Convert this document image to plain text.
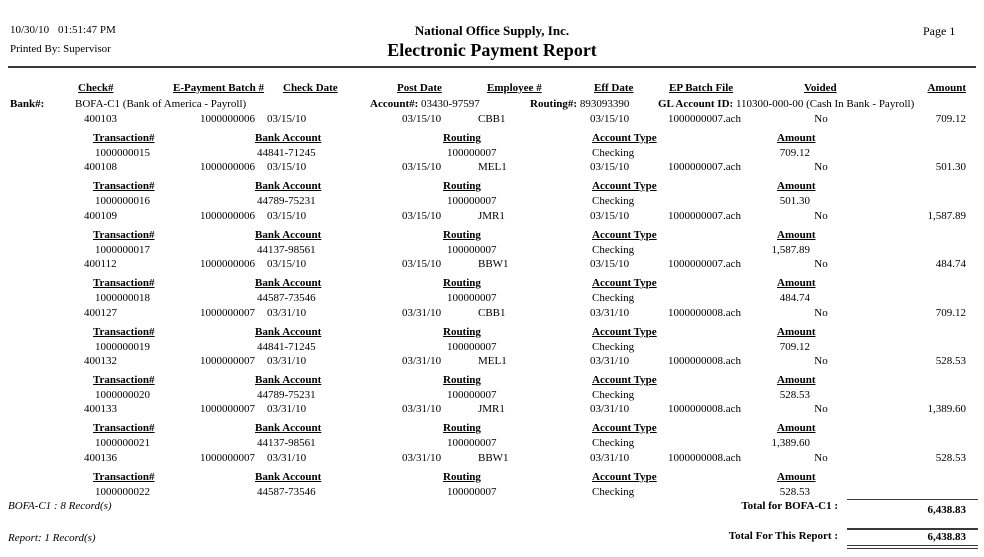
10/30/10 01:51:47 PM
Printed By: Supervisor
National Office Supply, Inc.
Electronic Payment Report
Page 1
Check#	E-Payment Batch # Check Date	Post Date	Employee #	Eff Date	EP Batch File	Voided	Amount
Bank#:	BOFA-C1 (Bank of America - Payroll)	Account#: 03430-97597	Routing#: 893093390	GL Account ID: 110300-000-00 (Cash In Bank - Payroll)
400103	1000000006 03/15/10	03/15/10	CBB1	03/15/10	1000000007.ach	No	709.12
Transaction#	Bank Account	Routing	Account Type	Amount
1000000015	44841-71245	100000007	Checking	709.12
400108	1000000006 03/15/10	03/15/10	MEL1	03/15/10	1000000007.ach	No	501.30
Transaction#	Bank Account	Routing	Account Type	Amount
1000000016	44789-75231	100000007	Checking	501.30
400109	1000000006 03/15/10	03/15/10	JMR1	03/15/10	1000000007.ach	No	1,587.89
Transaction#	Bank Account	Routing	Account Type	Amount
1000000017	44137-98561	100000007	Checking	1,587.89
400112	1000000006 03/15/10	03/15/10	BBW1	03/15/10	1000000007.ach	No	484.74
Transaction#	Bank Account	Routing	Account Type	Amount
1000000018	44587-73546	100000007	Checking	484.74
400127	1000000007 03/31/10	03/31/10	CBB1	03/31/10	1000000008.ach	No	709.12
Transaction#	Bank Account	Routing	Account Type	Amount
1000000019	44841-71245	100000007	Checking	709.12
400132	1000000007 03/31/10	03/31/10	MEL1	03/31/10	1000000008.ach	No	528.53
Transaction#	Bank Account	Routing	Account Type	Amount
1000000020	44789-75231	100000007	Checking	528.53
400133	1000000007 03/31/10	03/31/10	JMR1	03/31/10	1000000008.ach	No	1,389.60
Transaction#	Bank Account	Routing	Account Type	Amount
1000000021	44137-98561	100000007	Checking	1,389.60
400136	1000000007 03/31/10	03/31/10	BBW1	03/31/10	1000000008.ach	No	528.53
Transaction#	Bank Account	Routing	Account Type	Amount
1000000022	44587-73546	100000007	Checking	528.53
BOFA-C1 : 8 Record(s)	Total for BOFA-C1 :	6,438.83
Report: 1 Record(s)	Total For This Report :	6,438.83
